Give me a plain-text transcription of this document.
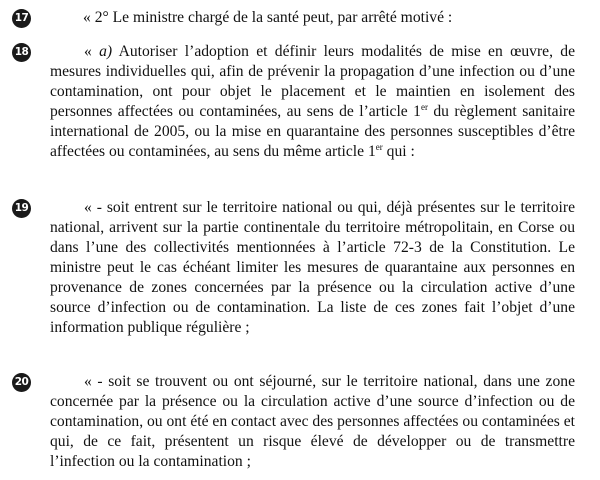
17	« 2° Le ministre chargé de la santé peut, par arrêté motivé :

18	« a) Autoriser l’adoption et définir leurs modalités de mise en œuvre, de mesures individuelles qui, afin de prévenir la propagation d’une infection ou d’une contamination, ont pour objet le placement et le maintien en isolement des personnes affectées ou contaminées, au sens de l’article 1er du règlement sanitaire international de 2005, ou la mise en quarantaine des personnes susceptibles d’être affectées ou contaminées, au sens du même article 1er qui :

19	« - soit entrent sur le territoire national ou qui, déjà présentes sur le territoire national, arrivent sur la partie continentale du territoire métropolitain, en Corse ou dans l’une des collectivités mentionnées à l’article 72-3 de la Constitution. Le ministre peut le cas échéant limiter les mesures de quarantaine aux personnes en provenance de zones concernées par la présence ou la circulation active d’une source d’infection ou de contamination. La liste de ces zones fait l’objet d’une information publique régulière ;

20	« - soit se trouvent ou ont séjourné, sur le territoire national, dans une zone concernée par la présence ou la circulation active d’une source d’infection ou de contamination, ou ont été en contact avec des personnes affectées ou contaminées et qui, de ce fait, présentent un risque élevé de développer ou de transmettre l’infection ou la contamination ;
